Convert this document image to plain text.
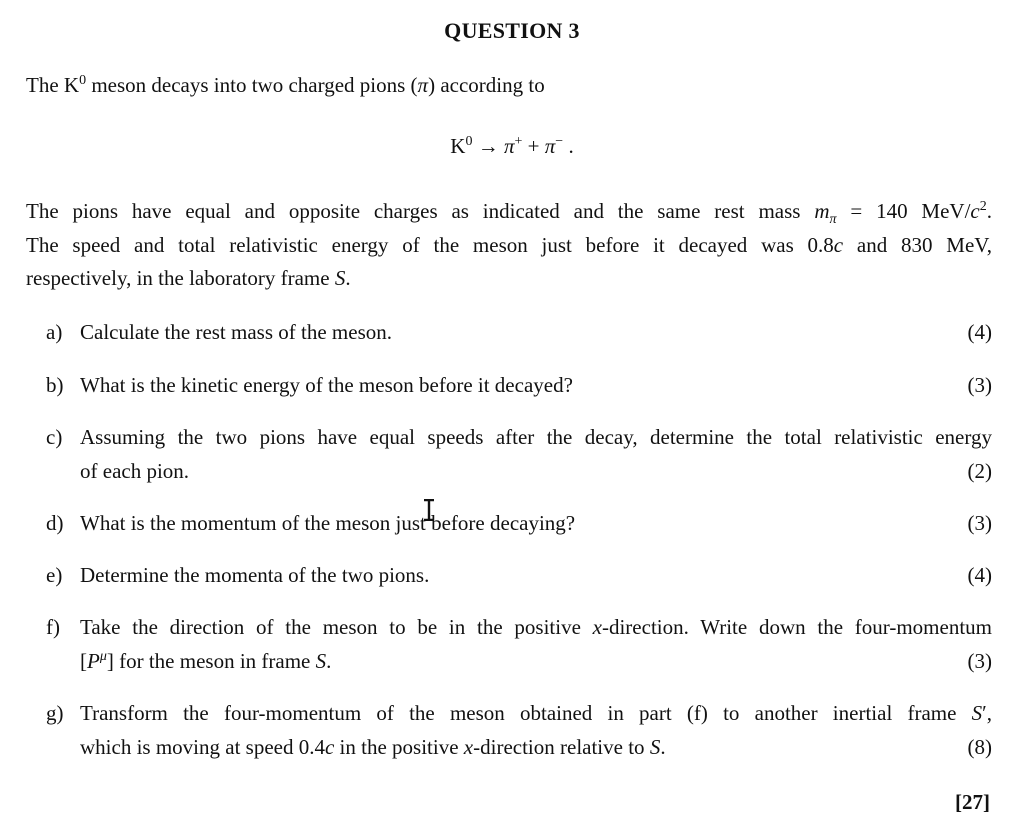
QUESTION 3
The $K^0$ meson decays into two charged pions (π) according to
$K^0 \to \pi^+ + \pi^-$ .
The pions have equal and opposite charges as indicated and the same rest mass $m_\pi = 140$ MeV/$c^2$.
The speed and total relativistic energy of the meson just before it decayed was 0.8c and 830 MeV,
respectively, in the laboratory frame S.
a) Calculate the rest mass of the meson.	(4)
b) What is the kinetic energy of the meson before it decayed?	(3)
c) Assuming the two pions have equal speeds after the decay, determine the total relativistic energy
of each pion.	(2)
d) What is the momentum of the meson just before decaying?	(3)
e) Determine the momenta of the two pions.	(4)
f) Take the direction of the meson to be in the positive x-direction. Write down the four-momentum
$[P^\mu]$ for the meson in frame S.	(3)
g) Transform the four-momentum of the meson obtained in part (f) to another inertial frame S′,
which is moving at speed 0.4c in the positive x-direction relative to S.	(8)
[27]
